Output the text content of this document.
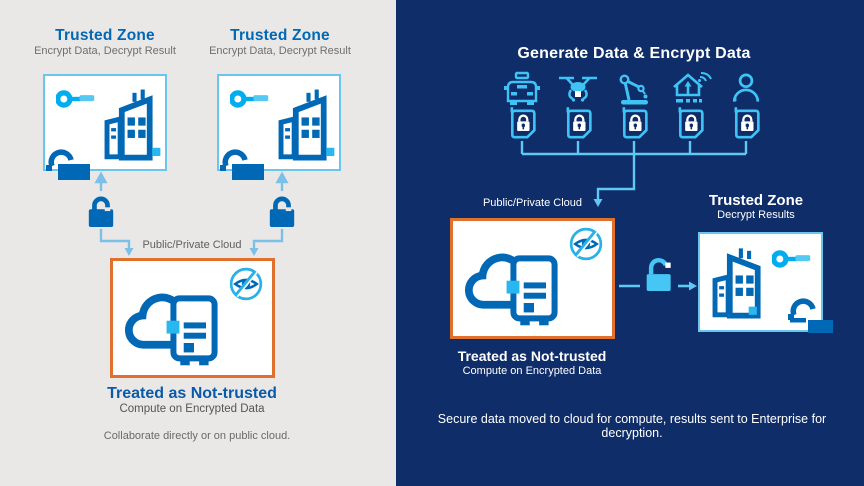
Trusted Zone
Encrypt Data, Decrypt Result
Trusted Zone
Encrypt Data, Decrypt Result
Public/Private Cloud
Treated as Not-trusted
Compute on Encrypted Data
Collaborate directly or on public cloud.
Generate Data & Encrypt Data
Public/Private Cloud
Treated as Not-trusted
Compute on Encrypted Data
Trusted Zone
Decrypt Results
Secure data moved to cloud for compute, results sent to Enterprise for decryption.
